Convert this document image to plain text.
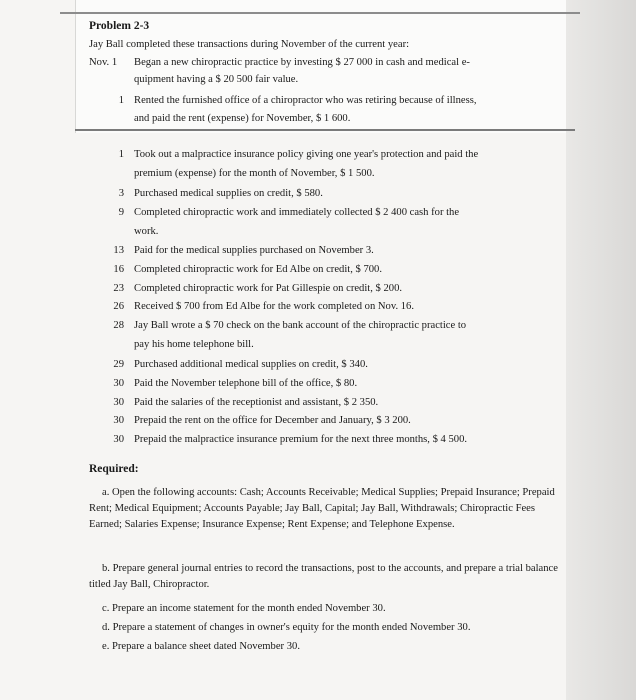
Problem 2-3
Jay Ball completed these transactions during November of the current year:
Nov. 1 Began a new chiropractic practice by investing $ 27 000 in cash and medical e-
quipment having a $ 20 500 fair value.
1 Rented the furnished office of a chiropractor who was retiring because of illness,
and paid the rent (expense) for November, $ 1 600.
1 Took out a malpractice insurance policy giving one year's protection and paid the
premium (expense) for the month of November, $ 1 500.
3 Purchased medical supplies on credit, $ 580.
9 Completed chiropractic work and immediately collected $ 2 400 cash for the
work.
13 Paid for the medical supplies purchased on November 3.
16 Completed chiropractic work for Ed Albe on credit, $ 700.
23 Completed chiropractic work for Pat Gillespie on credit, $ 200.
26 Received $ 700 from Ed Albe for the work completed on Nov. 16.
28 Jay Ball wrote a $ 70 check on the bank account of the chiropractic practice to
pay his home telephone bill.
29 Purchased additional medical supplies on credit, $ 340.
30 Paid the November telephone bill of the office, $ 80.
30 Paid the salaries of the receptionist and assistant, $ 2 350.
30 Prepaid the rent on the office for December and January, $ 3 200.
30 Prepaid the malpractice insurance premium for the next three months, $ 4 500.
Required:
a. Open the following accounts: Cash; Accounts Receivable; Medical Supplies; Prepaid Insurance; Prepaid Rent; Medical Equipment; Accounts Payable; Jay Ball, Capital; Jay Ball, Withdrawals; Chiropractic Fees Earned; Salaries Expense; Insurance Expense; Rent Expense; and Telephone Expense.
b. Prepare general journal entries to record the transactions, post to the accounts, and prepare a trial balance titled Jay Ball, Chiropractor.
c. Prepare an income statement for the month ended November 30.
d. Prepare a statement of changes in owner's equity for the month ended November 30.
e. Prepare a balance sheet dated November 30.
